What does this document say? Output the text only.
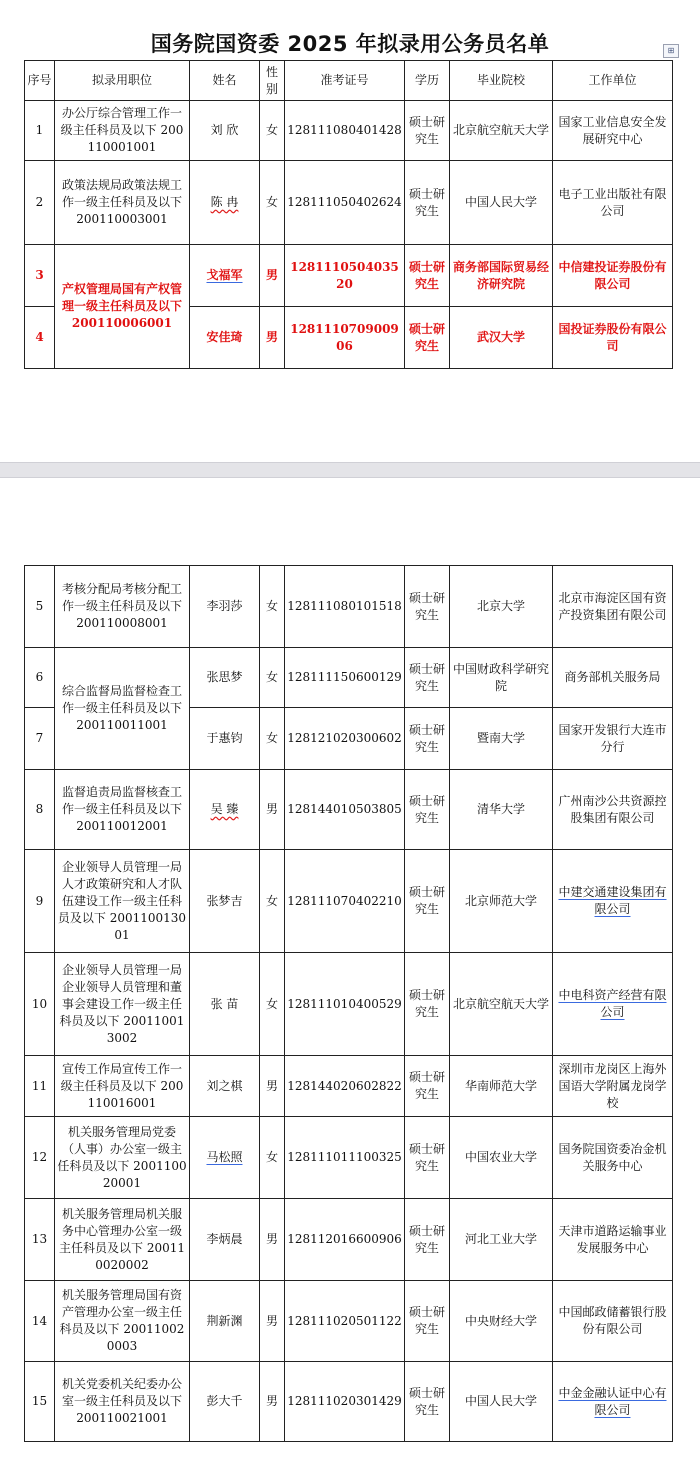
国务院国资委 2025 年拟录用公务员名单	⊞
序号	拟录用职位	姓名	性别	准考证号	学历	毕业院校	工作单位
1	办公厅综合管理工作一级主任科员及以下 200110001001	刘 欣	女	128111080401428	硕士研究生	北京航空航天大学	国家工业信息安全发展研究中心
2	政策法规局政策法规工作一级主任科员及以下 200110003001	陈 冉	女	128111050402624	硕士研究生	中国人民大学	电子工业出版社有限公司
3	产权管理局国有产权管理一级主任科员及以下 200110006001	戈福军	男	128111050403520	硕士研究生	商务部国际贸易经济研究院	中信建投证券股份有限公司
4		安佳琦	男	128111070900906	硕士研究生	武汉大学	国投证券股份有限公司
5	考核分配局考核分配工作一级主任科员及以下 200110008001	李羽莎	女	128111080101518	硕士研究生	北京大学	北京市海淀区国有资产投资集团有限公司
6	综合监督局监督检查工作一级主任科员及以下 200110011001	张思梦	女	128111150600129	硕士研究生	中国财政科学研究院	商务部机关服务局
7		于惠钧	女	128121020300602	硕士研究生	暨南大学	国家开发银行大连市分行
8	监督追责局监督核查工作一级主任科员及以下 200110012001	吴 臻	男	128144010503805	硕士研究生	清华大学	广州南沙公共资源控股集团有限公司
9	企业领导人员管理一局人才政策研究和人才队伍建设工作一级主任科员及以下 200110013001	张梦吉	女	128111070402210	硕士研究生	北京师范大学	中建交通建设集团有限公司
10	企业领导人员管理一局企业领导人员管理和董事会建设工作一级主任科员及以下 200110013002	张 苗	女	128111010400529	硕士研究生	北京航空航天大学	中电科资产经营有限公司
11	宣传工作局宣传工作一级主任科员及以下 200110016001	刘之棋	男	128144020602822	硕士研究生	华南师范大学	深圳市龙岗区上海外国语大学附属龙岗学校
12	机关服务管理局党委（人事）办公室一级主任科员及以下 200110020001	马松照	女	128111011100325	硕士研究生	中国农业大学	国务院国资委冶金机关服务中心
13	机关服务管理局机关服务中心管理办公室一级主任科员及以下 200110020002	李炳晨	男	128112016600906	硕士研究生	河北工业大学	天津市道路运输事业发展服务中心
14	机关服务管理局国有资产管理办公室一级主任科员及以下 200110020003	荆新渊	男	128111020501122	硕士研究生	中央财经大学	中国邮政储蓄银行股份有限公司
15	机关党委机关纪委办公室一级主任科员及以下 200110021001	彭大千	男	128111020301429	硕士研究生	中国人民大学	中金金融认证中心有限公司
